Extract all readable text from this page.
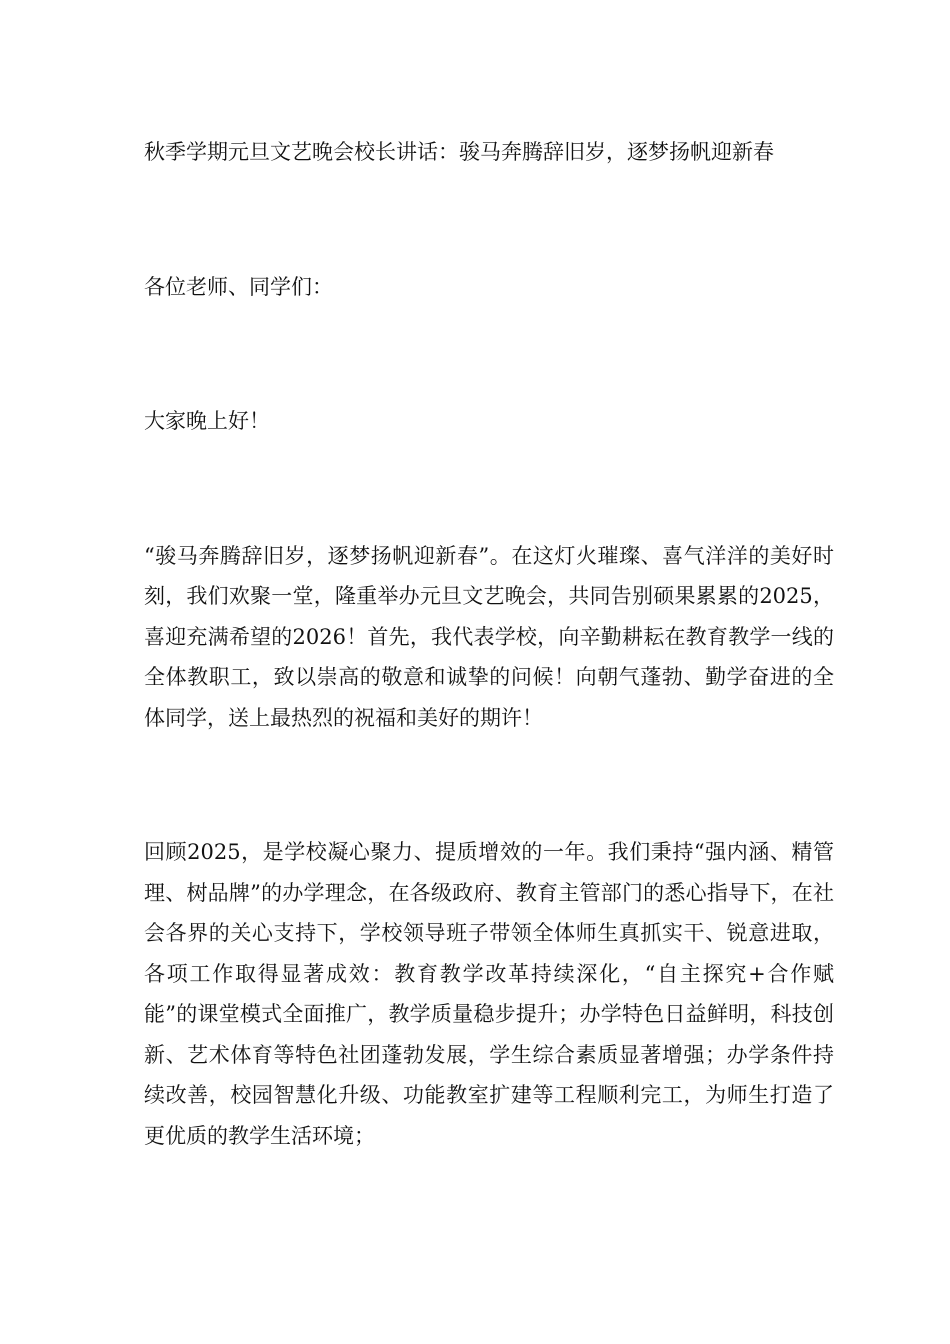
秋季学期元旦文艺晚会校长讲话：骏马奔腾辞旧岁，逐梦扬帆迎新春

各位老师、同学们：

大家晚上好！

“骏马奔腾辞旧岁，逐梦扬帆迎新春”。在这灯火璀璨、喜气洋洋的美好时刻，我们欢聚一堂，隆重举办元旦文艺晚会，共同告别硕果累累的2025，喜迎充满希望的2026！首先，我代表学校，向辛勤耕耘在教育教学一线的全体教职工，致以崇高的敬意和诚挚的问候！向朝气蓬勃、勤学奋进的全体同学，送上最热烈的祝福和美好的期许！

回顾2025，是学校凝心聚力、提质增效的一年。我们秉持“强内涵、精管理、树品牌”的办学理念，在各级政府、教育主管部门的悉心指导下，在社会各界的关心支持下，学校领导班子带领全体师生真抓实干、锐意进取，各项工作取得显著成效：教育教学改革持续深化，“自主探究+合作赋能”的课堂模式全面推广，教学质量稳步提升；办学特色日益鲜明，科技创新、艺术体育等特色社团蓬勃发展，学生综合素质显著增强；办学条件持续改善，校园智慧化升级、功能教室扩建等工程顺利完工，为师生打造了更优质的教学生活环境；
